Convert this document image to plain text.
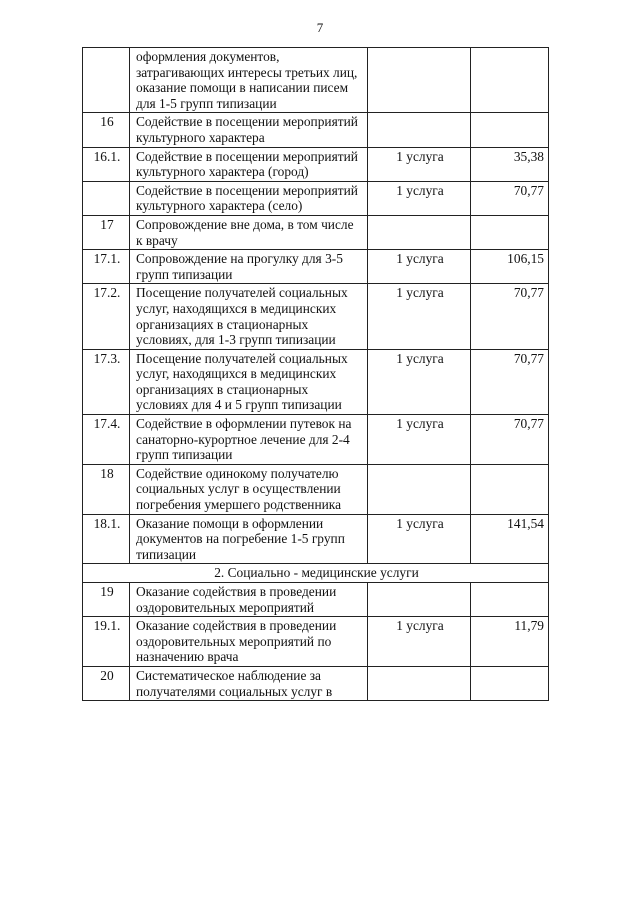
7
	оформления документов, затрагивающих интересы третьих лиц, оказание помощи в написании писем для 1-5 групп типизации		
16	Содействие в посещении мероприятий культурного характера		
16.1.	Содействие в посещении мероприятий культурного характера (город)	1 услуга	35,38
	Содействие в посещении мероприятий культурного характера (село)	1 услуга	70,77
17	Сопровождение вне дома, в том числе к врачу		
17.1.	Сопровождение на прогулку для 3-5 групп типизации	1 услуга	106,15
17.2.	Посещение получателей социальных услуг, находящихся в медицинских организациях в стационарных условиях, для 1-3 групп типизации	1 услуга	70,77
17.3.	Посещение получателей социальных услуг, находящихся в медицинских организациях в стационарных условиях для 4 и 5 групп типизации	1 услуга	70,77
17.4.	Содействие в оформлении путевок на санаторно-курортное лечение для 2-4 групп типизации	1 услуга	70,77
18	Содействие одинокому получателю социальных услуг в осуществлении погребения умершего родственника		
18.1.	Оказание помощи в оформлении документов на погребение 1-5 групп типизации	1 услуга	141,54
2. Социально - медицинские услуги			
19	Оказание содействия в проведении оздоровительных мероприятий		
19.1.	Оказание содействия в проведении оздоровительных мероприятий по назначению врача	1 услуга	11,79
20	Систематическое наблюдение за получателями социальных услуг в		
